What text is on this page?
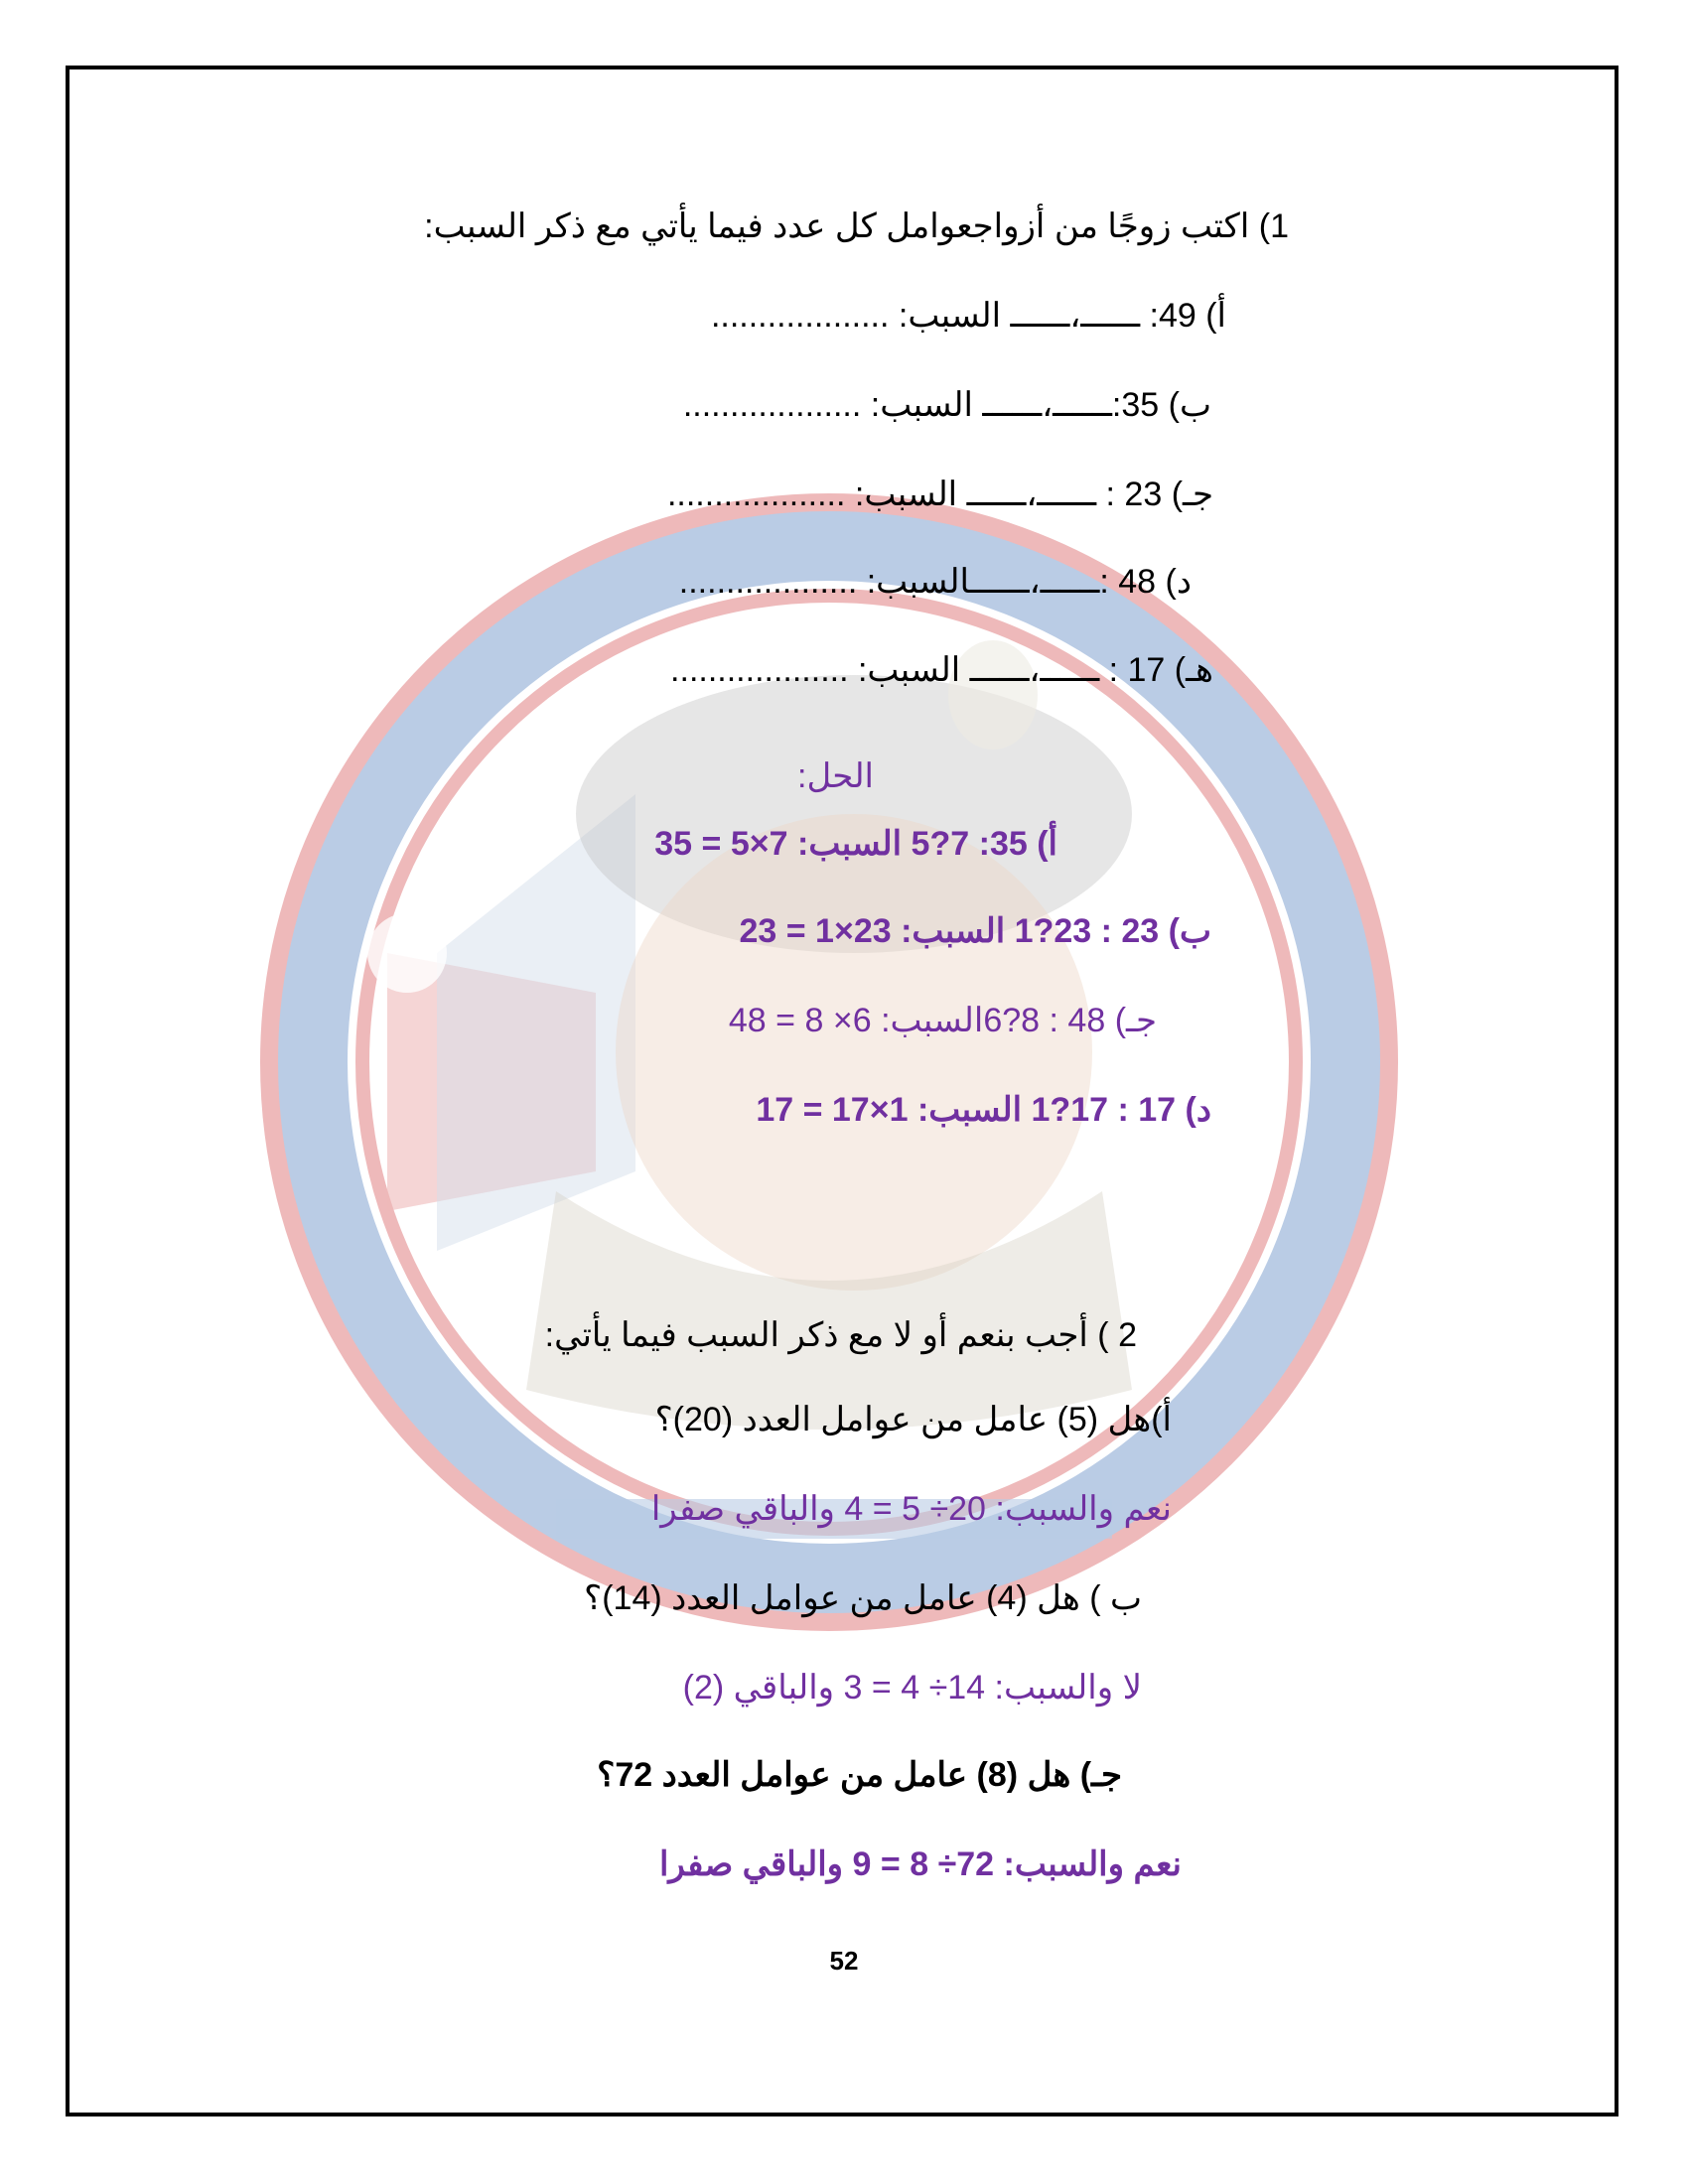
1) اكتب زوجًا من أزواجعوامل كل عدد فيما يأتي مع ذكر السبب:
أ) 49: ــــــ،ــــــ السبب: ...................
ب) 35:ــــــ،ــــــ السبب: ...................
جـ) 23 : ــــــ،ــــــ السبب: ...................
د) 48 :ــــــ،ــــــالسبب: ...................
هـ) 17 : ــــــ،ــــــ السبب: ...................
الحل:
أ) 35: 7?5 السبب: 7×5 = 35
ب) 23 : 23?1 السبب: 23×1 = 23
جـ) 48 : 8?6السبب: 6× 8 = 48
د) 17 : 17?1 السبب: 1×17 = 17
2 ) أجب بنعم أو لا مع ذكر السبب فيما يأتي:
أ)هل (5) عامل من عوامل العدد (20)؟
نعم والسبب: 20÷ 5 = 4 والباقي صفرا
ب ) هل (4) عامل من عوامل العدد (14)؟
لا والسبب: 14÷ 4 = 3 والباقي (2)
جـ) هل (8) عامل من عوامل العدد 72؟
نعم والسبب: 72÷ 8 = 9 والباقي صفرا
52
